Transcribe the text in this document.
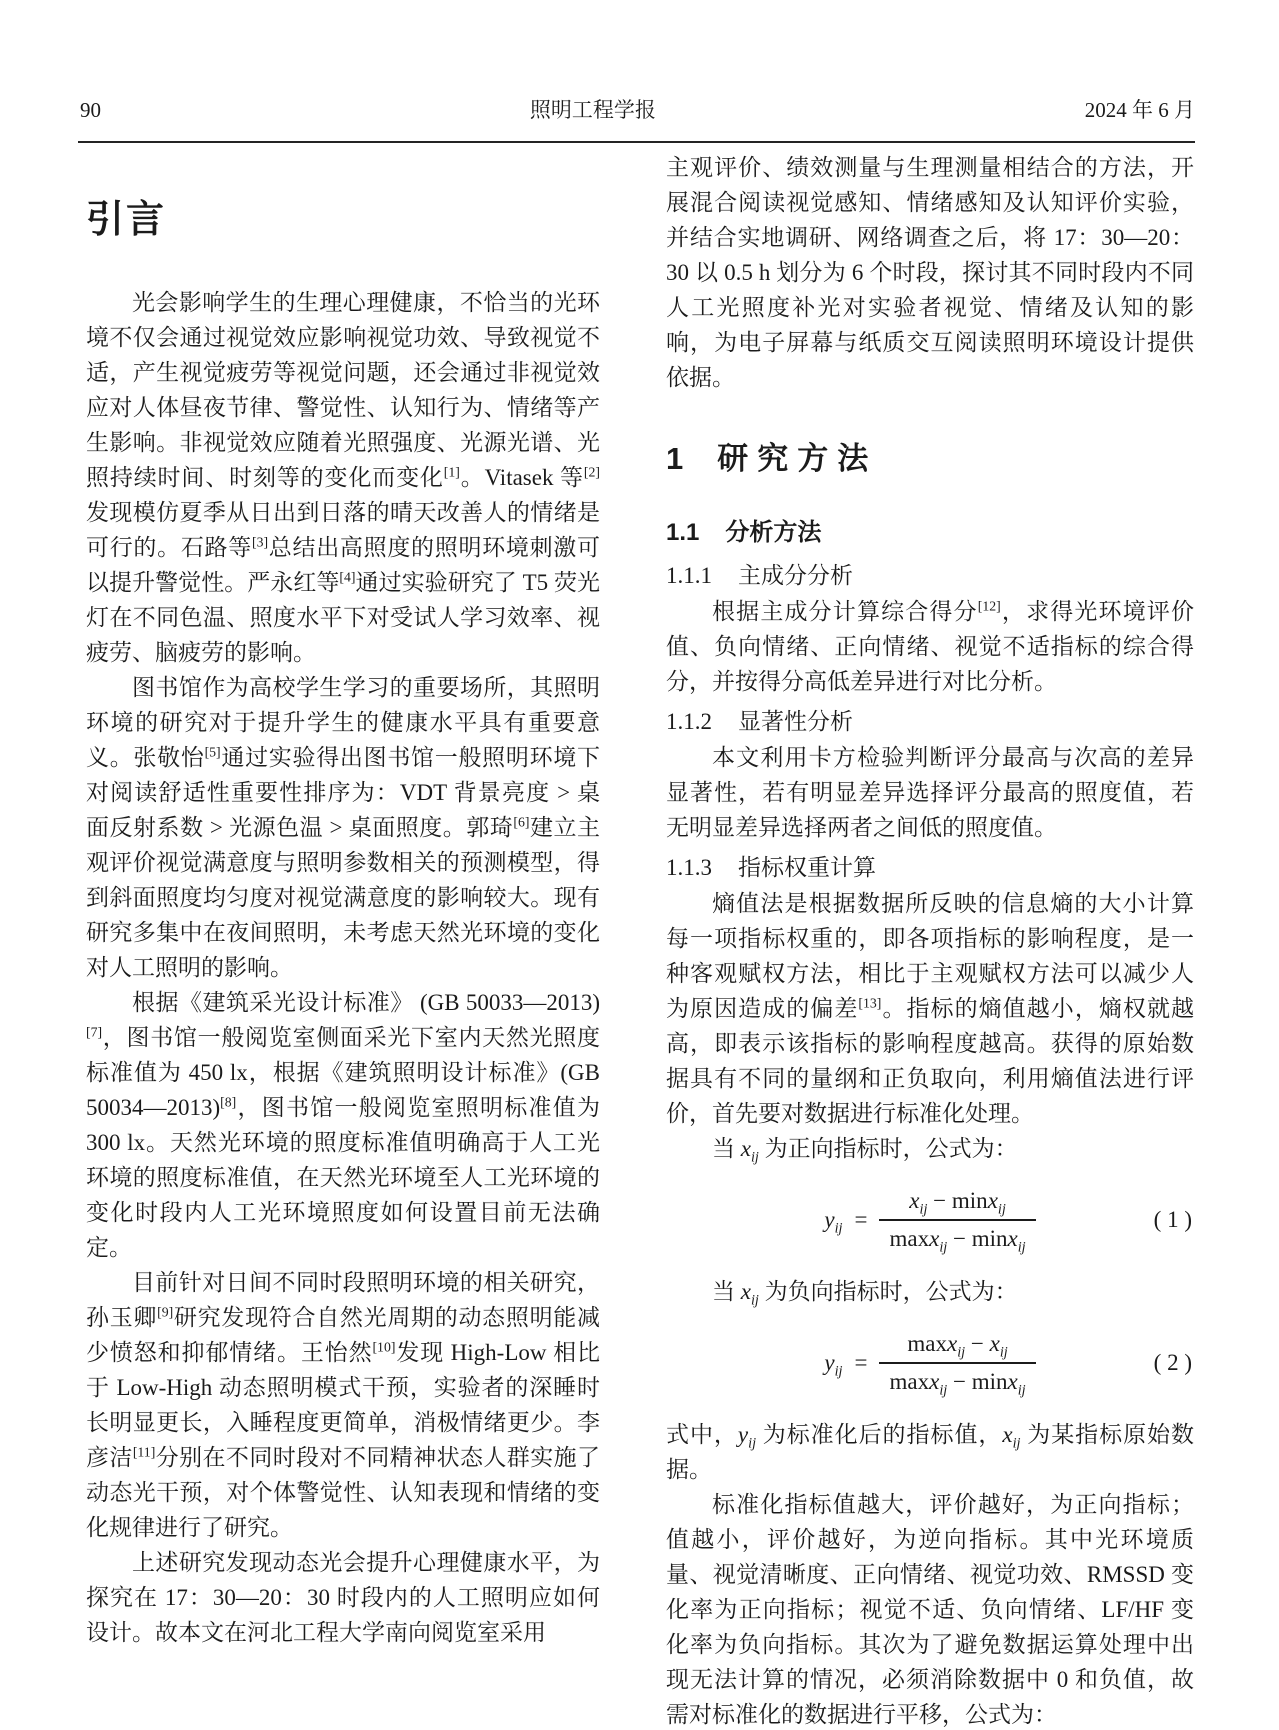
90	照明工程学报	2024 年 6 月
引言

光会影响学生的生理心理健康，不恰当的光环境不仅会通过视觉效应影响视觉功效、导致视觉不适，产生视觉疲劳等视觉问题，还会通过非视觉效应对人体昼夜节律、警觉性、认知行为、情绪等产生影响。非视觉效应随着光照强度、光源光谱、光照持续时间、时刻等的变化而变化[1]。Vitasek 等[2]发现模仿夏季从日出到日落的晴天改善人的情绪是可行的。石路等[3]总结出高照度的照明环境刺激可以提升警觉性。严永红等[4]通过实验研究了 T5 荧光灯在不同色温、照度水平下对受试人学习效率、视疲劳、脑疲劳的影响。

图书馆作为高校学生学习的重要场所，其照明环境的研究对于提升学生的健康水平具有重要意义。张敬怡[5]通过实验得出图书馆一般照明环境下对阅读舒适性重要性排序为：VDT 背景亮度 > 桌面反射系数 > 光源色温 > 桌面照度。郭琦[6]建立主观评价视觉满意度与照明参数相关的预测模型，得到斜面照度均匀度对视觉满意度的影响较大。现有研究多集中在夜间照明，未考虑天然光环境的变化对人工照明的影响。

根据《建筑采光设计标准》 (GB 50033—2013)[7]，图书馆一般阅览室侧面采光下室内天然光照度标准值为 450 lx，根据《建筑照明设计标准》(GB 50034—2013)[8]，图书馆一般阅览室照明标准值为 300 lx。天然光环境的照度标准值明确高于人工光环境的照度标准值，在天然光环境至人工光环境的变化时段内人工光环境照度如何设置目前无法确定。

目前针对日间不同时段照明环境的相关研究，孙玉卿[9]研究发现符合自然光周期的动态照明能减少愤怒和抑郁情绪。王怡然[10]发现 High-Low 相比于 Low-High 动态照明模式干预，实验者的深睡时长明显更长，入睡程度更简单，消极情绪更少。李彦洁[11]分别在不同时段对不同精神状态人群实施了动态光干预，对个体警觉性、认知表现和情绪的变化规律进行了研究。

上述研究发现动态光会提升心理健康水平，为探究在 17：30—20：30 时段内的人工照明应如何设计。故本文在河北工程大学南向阅览室采用

主观评价、绩效测量与生理测量相结合的方法，开展混合阅读视觉感知、情绪感知及认知评价实验，并结合实地调研、网络调查之后，将 17：30—20：30 以 0.5 h 划分为 6 个时段，探讨其不同时段内不同人工光照度补光对实验者视觉、情绪及认知的影响，为电子屏幕与纸质交互阅读照明环境设计提供依据。

1 研究方法
1.1 分析方法
1.1.1 主成分分析

根据主成分计算综合得分[12]，求得光环境评价值、负向情绪、正向情绪、视觉不适指标的综合得分，并按得分高低差异进行对比分析。

1.1.2 显著性分析

本文利用卡方检验判断评分最高与次高的差异显著性，若有明显差异选择评分最高的照度值，若无明显差异选择两者之间低的照度值。

1.1.3 指标权重计算

熵值法是根据数据所反映的信息熵的大小计算每一项指标权重的，即各项指标的影响程度，是一种客观赋权方法，相比于主观赋权方法可以减少人为原因造成的偏差[13]。指标的熵值越小，熵权就越高，即表示该指标的影响程度越高。获得的原始数据具有不同的量纲和正负取向，利用熵值法进行评价，首先要对数据进行标准化处理。

当 $x_{ij}$ 为正向指标时，公式为：

$y_{ij} = \frac{x_{ij} - \min x_{ij}}{\max x_{ij} - \min x_{ij}}$	( 1 )

当 $x_{ij}$ 为负向指标时，公式为：

$y_{ij} = \frac{\max x_{ij} - x_{ij}}{\max x_{ij} - \min x_{ij}}$	( 2 )

式中，$y_{ij}$ 为标准化后的指标值，$x_{ij}$ 为某指标原始数据。

标准化指标值越大，评价越好，为正向指标；值越小，评价越好，为逆向指标。其中光环境质量、视觉清晰度、正向情绪、视觉功效、RMSSD 变化率为正向指标；视觉不适、负向情绪、LF/HF 变化率为负向指标。其次为了避免数据运算处理中出现无法计算的情况，必须消除数据中 0 和负值，故需对标准化的数据进行平移，公式为：
